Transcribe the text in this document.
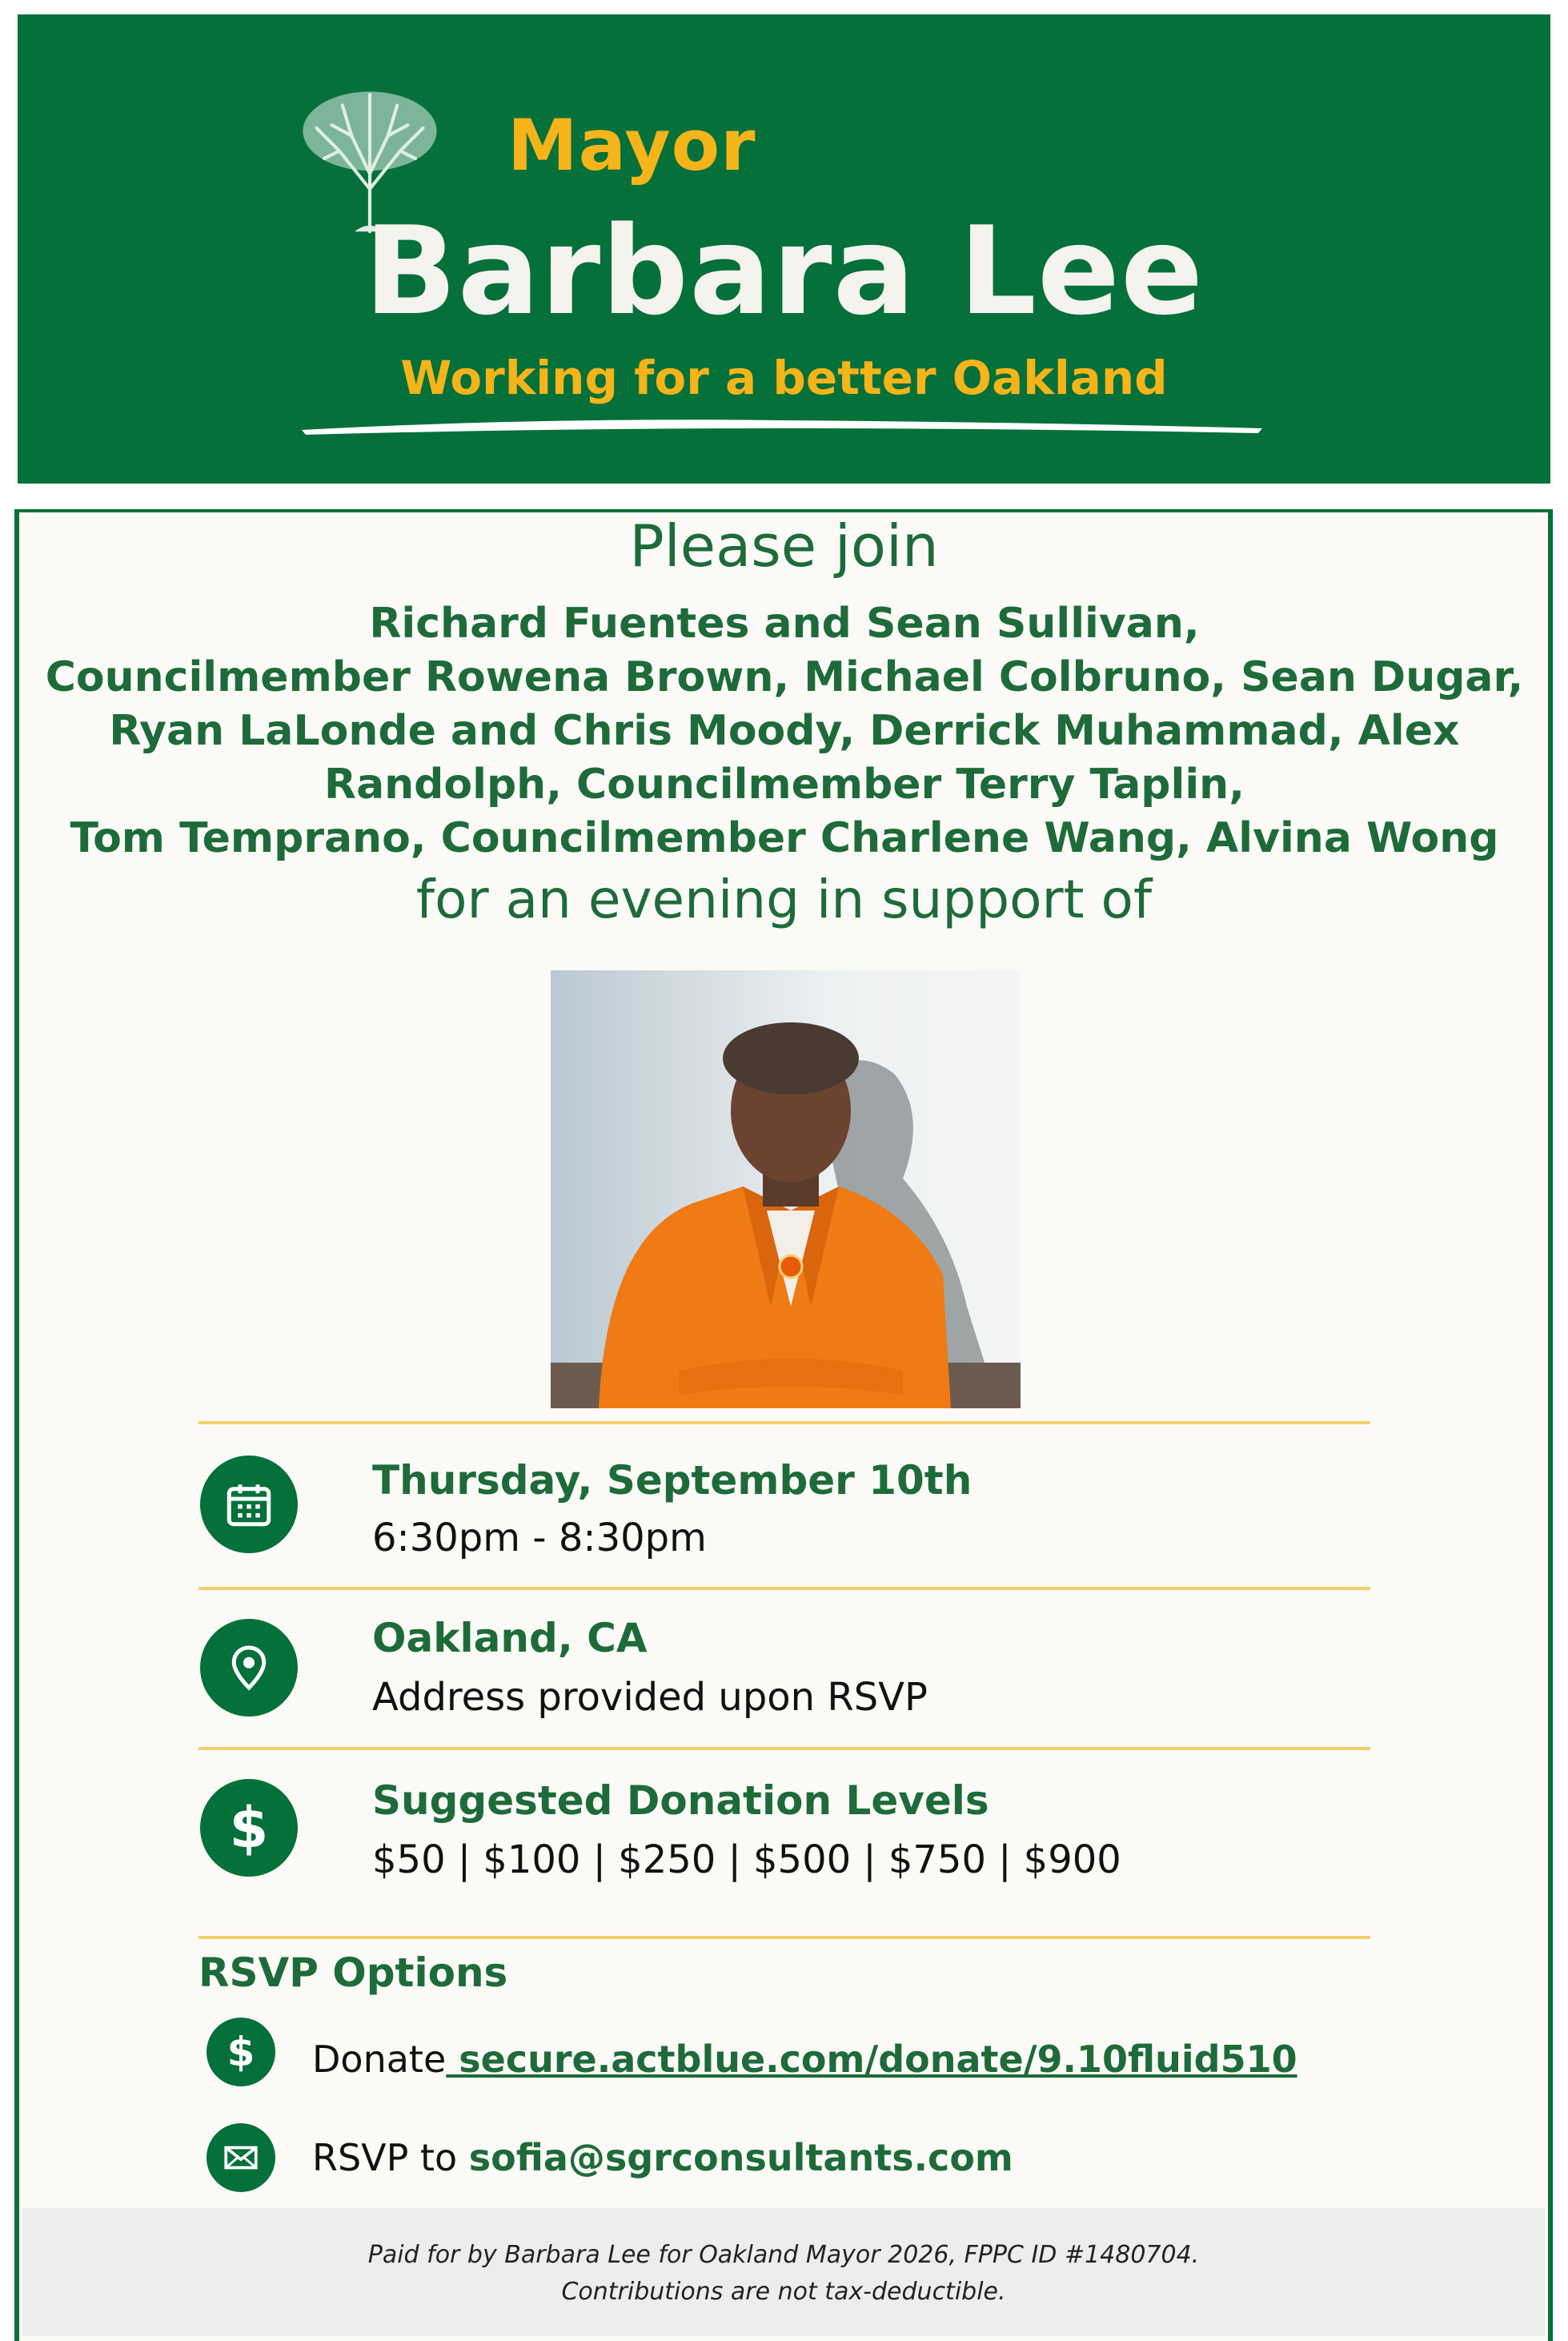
Mayor
Barbara Lee
Working for a better Oakland
Please join
Richard Fuentes and Sean Sullivan,
Councilmember Rowena Brown, Michael Colbruno, Sean Dugar,
Ryan LaLonde and Chris Moody, Derrick Muhammad, Alex
Randolph, Councilmember Terry Taplin,
Tom Temprano, Councilmember Charlene Wang, Alvina Wong
for an evening in support of
Thursday, September 10th
6:30pm - 8:30pm
Oakland, CA
Address provided upon RSVP
$	Suggested Donation Levels
$50 | $100 | $250 | $500 | $750 | $900
RSVP Options
$ Donate secure.actblue.com/donate/9.10fluid510
RSVP to sofia@sgrconsultants.com
Paid for by Barbara Lee for Oakland Mayor 2026, FPPC ID #1480704.
Contributions are not tax-deductible.
